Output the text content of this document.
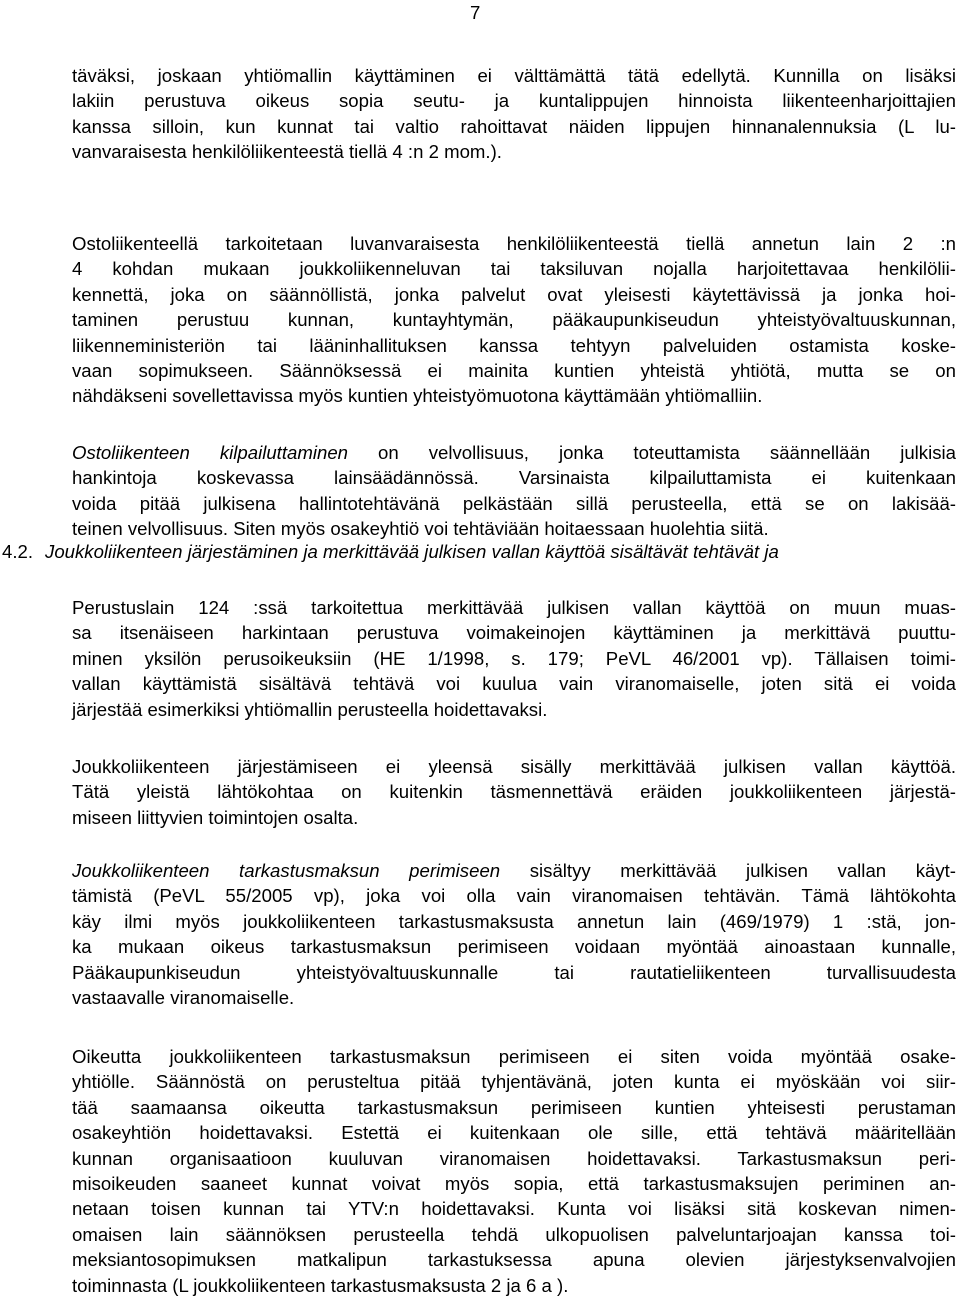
7
täväksi, joskaan yhtiömallin käyttäminen ei välttämättä tätä edellytä. Kunnilla on lisäksi
lakiin perustuva oikeus sopia seutu- ja kuntalippujen hinnoista liikenteenharjoittajien
kanssa silloin, kun kunnat tai valtio rahoittavat näiden lippujen hinnanalennuksia (L lu-
vanvaraisesta henkilöliikenteestä tiellä 4 :n 2 mom.).
Ostoliikenteellä tarkoitetaan luvanvaraisesta henkilöliikenteestä tiellä annetun lain 2 :n
4 kohdan mukaan joukkoliikenneluvan tai taksiluvan nojalla harjoitettavaa henkilölii-
kennettä, joka on säännöllistä, jonka palvelut ovat yleisesti käytettävissä ja jonka hoi-
taminen perustuu kunnan, kuntayhtymän, pääkaupunkiseudun yhteistyövaltuuskunnan,
liikenneministeriön tai lääninhallituksen kanssa tehtyyn palveluiden ostamista koske-
vaan sopimukseen. Säännöksessä ei mainita kuntien yhteistä yhtiötä, mutta se on
nähdäkseni sovellettavissa myös kuntien yhteistyömuotona käyttämään yhtiömalliin.
Ostoliikenteen kilpailuttaminen on velvollisuus, jonka toteuttamista säännellään julkisia
hankintoja koskevassa lainsäädännössä. Varsinaista kilpailuttamista ei kuitenkaan
voida pitää julkisena hallintotehtävänä pelkästään sillä perusteella, että se on lakisää-
teinen velvollisuus. Siten myös osakeyhtiö voi tehtäviään hoitaessaan huolehtia siitä.
4.2. Joukkoliikenteen järjestäminen ja merkittävää julkisen vallan käyttöä sisältävät tehtävät ja
Perustuslain 124 :ssä tarkoitettua merkittävää julkisen vallan käyttöä on muun muas-
sa itsenäiseen harkintaan perustuva voimakeinojen käyttäminen ja merkittävä puuttu-
minen yksilön perusoikeuksiin (HE 1/1998, s. 179; PeVL 46/2001 vp). Tällaisen toimi-
vallan käyttämistä sisältävä tehtävä voi kuulua vain viranomaiselle, joten sitä ei voida
järjestää esimerkiksi yhtiömallin perusteella hoidettavaksi.
Joukkoliikenteen järjestämiseen ei yleensä sisälly merkittävää julkisen vallan käyttöä.
Tätä yleistä lähtökohtaa on kuitenkin täsmennettävä eräiden joukkoliikenteen järjestä-
miseen liittyvien toimintojen osalta.
Joukkoliikenteen tarkastusmaksun perimiseen sisältyy merkittävää julkisen vallan käyt-
tämistä (PeVL 55/2005 vp), joka voi olla vain viranomaisen tehtävän. Tämä lähtökohta
käy ilmi myös joukkoliikenteen tarkastusmaksusta annetun lain (469/1979) 1 :stä, jon-
ka mukaan oikeus tarkastusmaksun perimiseen voidaan myöntää ainoastaan kunnalle,
Pääkaupunkiseudun yhteistyövaltuuskunnalle tai rautatieliikenteen turvallisuudesta
vastaavalle viranomaiselle.
Oikeutta joukkoliikenteen tarkastusmaksun perimiseen ei siten voida myöntää osake-
yhtiölle. Säännöstä on perusteltua pitää tyhjentävänä, joten kunta ei myöskään voi siir-
tää saamaansa oikeutta tarkastusmaksun perimiseen kuntien yhteisesti perustaman
osakeyhtiön hoidettavaksi. Estettä ei kuitenkaan ole sille, että tehtävä määritellään
kunnan organisaatioon kuuluvan viranomaisen hoidettavaksi. Tarkastusmaksun peri-
misoikeuden saaneet kunnat voivat myös sopia, että tarkastusmaksujen periminen an-
netaan toisen kunnan tai YTV:n hoidettavaksi. Kunta voi lisäksi sitä koskevan nimen-
omaisen lain säännöksen perusteella tehdä ulkopuolisen palveluntarjoajan kanssa toi-
meksiantosopimuksen matkalipun tarkastuksessa apuna olevien järjestyksenvalvojien
toiminnasta (L joukkoliikenteen tarkastusmaksusta 2 ja 6 a ).
